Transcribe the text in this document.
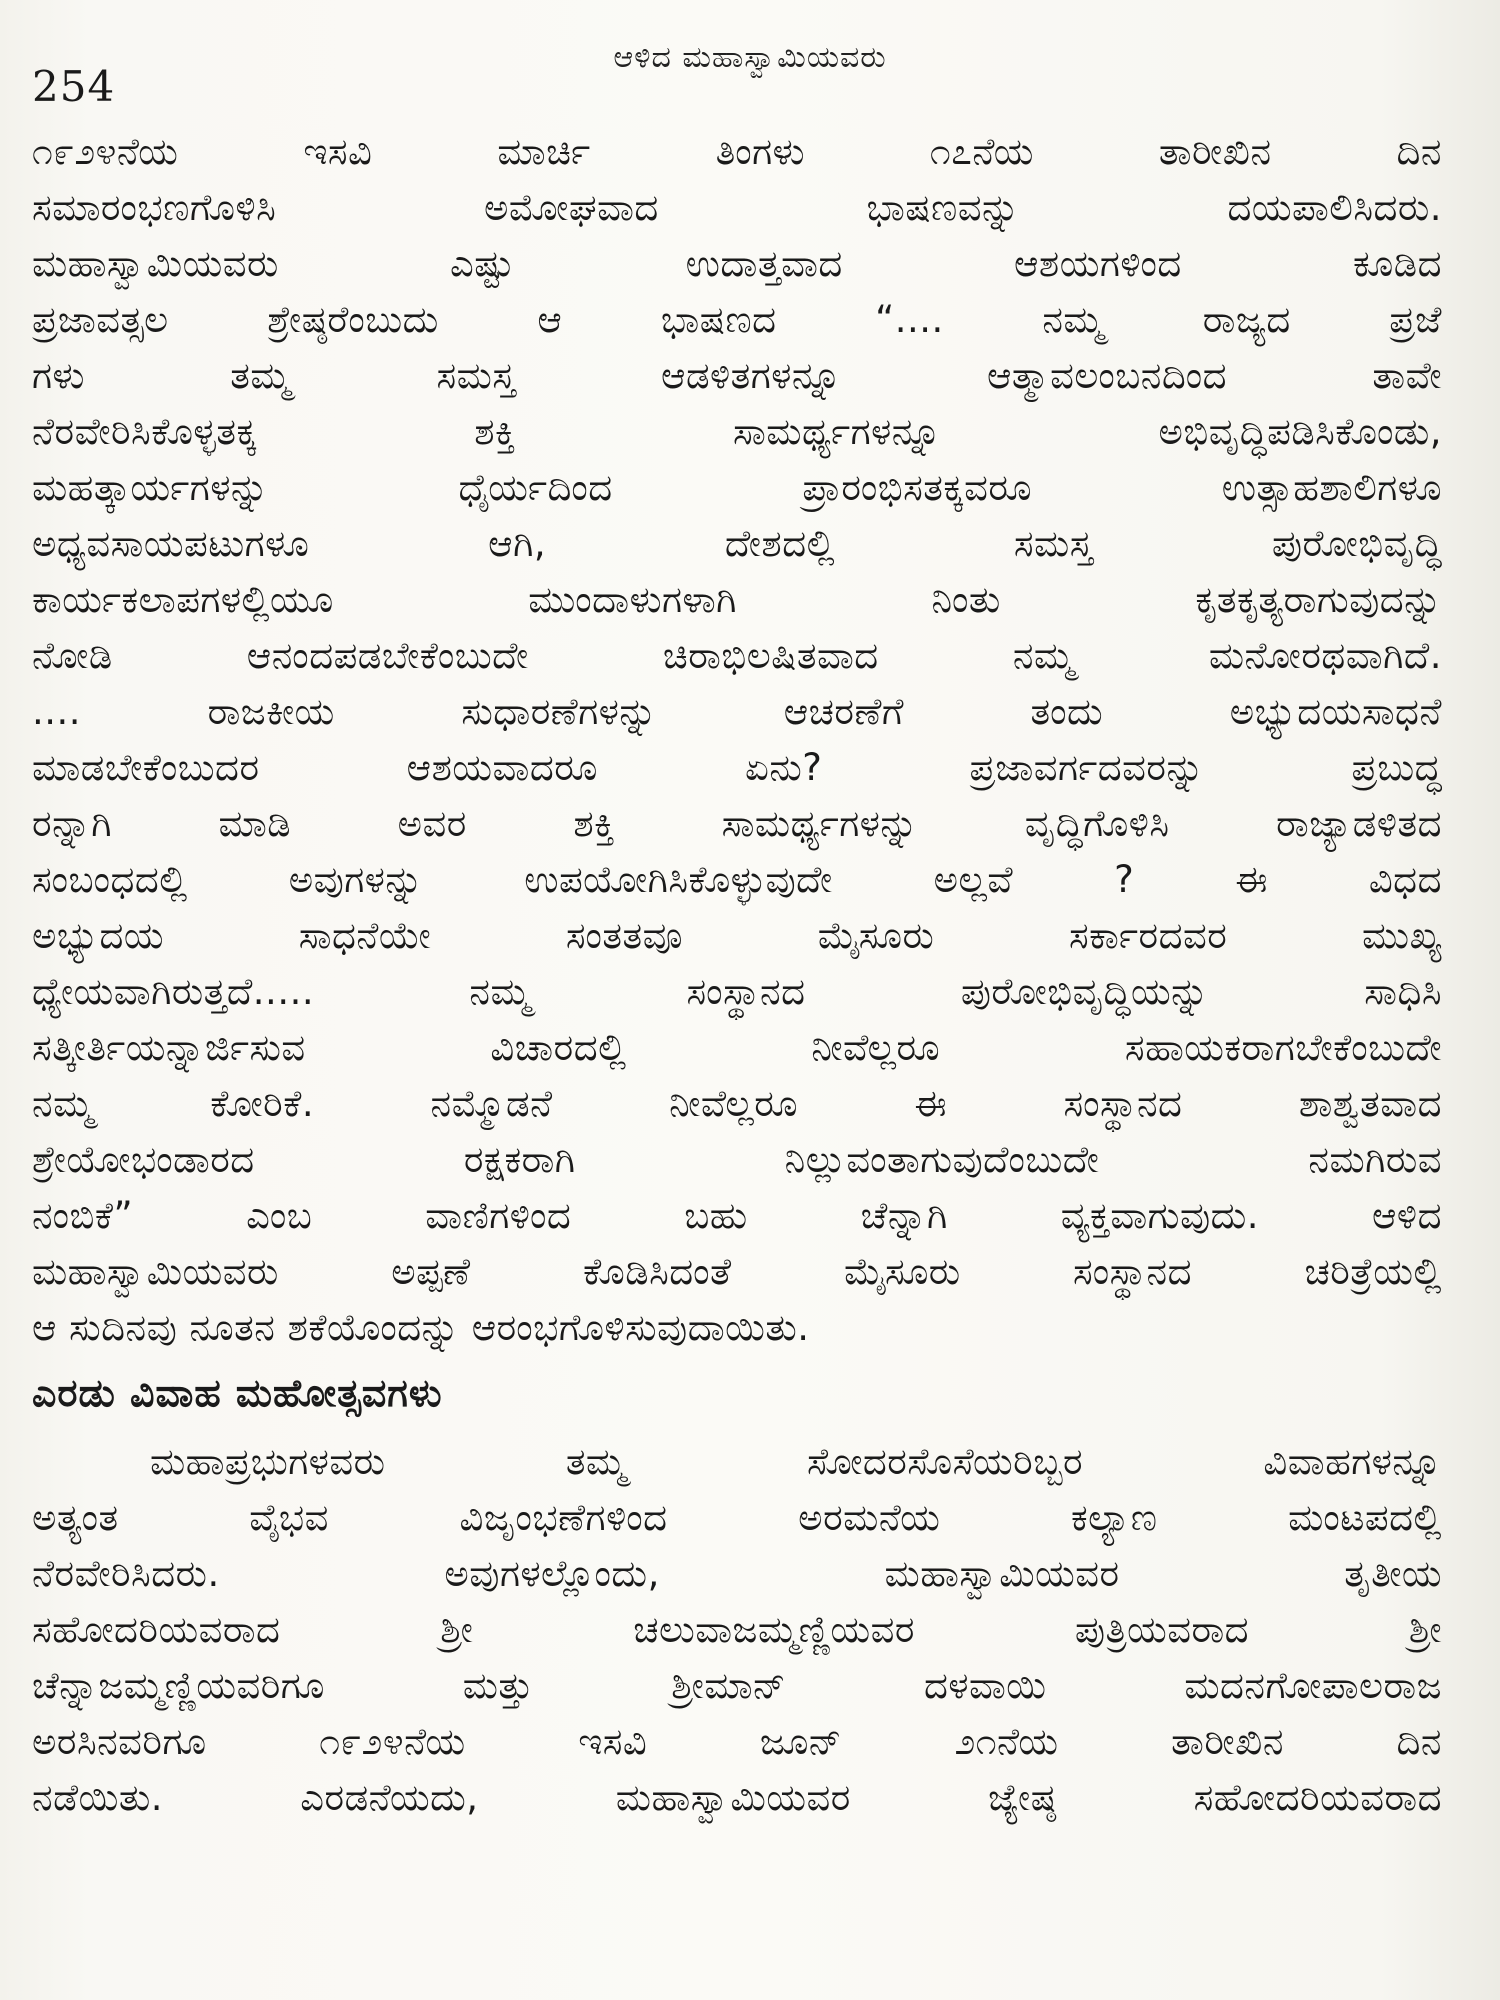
ಆಳಿದ ಮಹಾಸ್ವಾಮಿಯವರು
254
೧೯೨೪ನೆಯ ಇಸವಿ ಮಾರ್ಚಿ ತಿಂಗಳು ೧೭ನೆಯ ತಾರೀಖಿನ ದಿನ
ಸಮಾರಂಭಣಗೊಳಿಸಿ ಅಮೋಘವಾದ ಭಾಷಣವನ್ನು ದಯಪಾಲಿಸಿದರು.
ಮಹಾಸ್ವಾಮಿಯವರು ಎಷ್ಟು ಉದಾತ್ತವಾದ ಆಶಯಗಳಿಂದ ಕೂಡಿದ
ಪ್ರಜಾವತ್ಸಲ ಶ್ರೇಷ್ಠರೆಂಬುದು ಆ ಭಾಷಣದ “.... ನಮ್ಮ ರಾಜ್ಯದ ಪ್ರಜೆ
ಗಳು ತಮ್ಮ ಸಮಸ್ತ ಆಡಳಿತಗಳನ್ನೂ ಆತ್ಮಾವಲಂಬನದಿಂದ ತಾವೇ
ನೆರವೇರಿಸಿಕೊಳ್ಳತಕ್ಕ ಶಕ್ತಿ ಸಾಮರ್ಥ್ಯಗಳನ್ನೂ ಅಭಿವೃದ್ಧಿಪಡಿಸಿಕೊಂಡು,
ಮಹತ್ಕಾರ್ಯಗಳನ್ನು ಧೈರ್ಯದಿಂದ ಪ್ರಾರಂಭಿಸತಕ್ಕವರೂ ಉತ್ಸಾಹಶಾಲಿಗಳೂ
ಅಧ್ಯವಸಾಯಪಟುಗಳೂ ಆಗಿ, ದೇಶದಲ್ಲಿ ಸಮಸ್ತ ಪುರೋಭಿವೃದ್ಧಿ
ಕಾರ್ಯಕಲಾಪಗಳಲ್ಲಿಯೂ ಮುಂದಾಳುಗಳಾಗಿ ನಿಂತು ಕೃತಕೃತ್ಯರಾಗುವುದನ್ನು
ನೋಡಿ ಆನಂದಪಡಬೇಕೆಂಬುದೇ ಚಿರಾಭಿಲಷಿತವಾದ ನಮ್ಮ ಮನೋರಥವಾಗಿದೆ.
.... ರಾಜಕೀಯ ಸುಧಾರಣೆಗಳನ್ನು ಆಚರಣೆಗೆ ತಂದು ಅಭ್ಯುದಯಸಾಧನೆ
ಮಾಡಬೇಕೆಂಬುದರ ಆಶಯವಾದರೂ ಏನು? ಪ್ರಜಾವರ್ಗದವರನ್ನು ಪ್ರಬುದ್ಧ
ರನ್ನಾಗಿ ಮಾಡಿ ಅವರ ಶಕ್ತಿ ಸಾಮರ್ಥ್ಯಗಳನ್ನು ವೃದ್ಧಿಗೊಳಿಸಿ ರಾಜ್ಯಾಡಳಿತದ
ಸಂಬಂಧದಲ್ಲಿ ಅವುಗಳನ್ನು ಉಪಯೋಗಿಸಿಕೊಳ್ಳುವುದೇ ಅಲ್ಲವೆ ? ಈ ವಿಧದ
ಅಭ್ಯುದಯ ಸಾಧನೆಯೇ ಸಂತತವೂ ಮೈಸೂರು ಸರ್ಕಾರದವರ ಮುಖ್ಯ
ಧ್ಯೇಯವಾಗಿರುತ್ತದೆ..... ನಮ್ಮ ಸಂಸ್ಥಾನದ ಪುರೋಭಿವೃದ್ಧಿಯನ್ನು ಸಾಧಿಸಿ
ಸತ್ಕೀರ್ತಿಯನ್ನಾರ್ಜಿಸುವ ವಿಚಾರದಲ್ಲಿ ನೀವೆಲ್ಲರೂ ಸಹಾಯಕರಾಗಬೇಕೆಂಬುದೇ
ನಮ್ಮ ಕೋರಿಕೆ. ನಮ್ಮೊಡನೆ ನೀವೆಲ್ಲರೂ ಈ ಸಂಸ್ಥಾನದ ಶಾಶ್ವತವಾದ
ಶ್ರೇಯೋಭಂಡಾರದ ರಕ್ಷಕರಾಗಿ ನಿಲ್ಲುವಂತಾಗುವುದೆಂಬುದೇ ನಮಗಿರುವ
ನಂಬಿಕೆ” ಎಂಬ ವಾಣಿಗಳಿಂದ ಬಹು ಚೆನ್ನಾಗಿ ವ್ಯಕ್ತವಾಗುವುದು. ಆಳಿದ
ಮಹಾಸ್ವಾಮಿಯವರು ಅಪ್ಪಣೆ ಕೊಡಿಸಿದಂತೆ ಮೈಸೂರು ಸಂಸ್ಥಾನದ ಚರಿತ್ರೆಯಲ್ಲಿ
ಆ ಸುದಿನವು ನೂತನ ಶಕೆಯೊಂದನ್ನು ಆರಂಭಗೊಳಿಸುವುದಾಯಿತು.
ಎರಡು ವಿವಾಹ ಮಹೋತ್ಸವಗಳು
ಮಹಾಪ್ರಭುಗಳವರು ತಮ್ಮ ಸೋದರಸೊಸೆಯರಿಬ್ಬರ ವಿವಾಹಗಳನ್ನೂ
ಅತ್ಯಂತ ವೈಭವ ವಿಜೃಂಭಣೆಗಳಿಂದ ಅರಮನೆಯ ಕಲ್ಯಾಣ ಮಂಟಪದಲ್ಲಿ
ನೆರವೇರಿಸಿದರು. ಅವುಗಳಲ್ಲೊಂದು, ಮಹಾಸ್ವಾಮಿಯವರ ತೃತೀಯ
ಸಹೋದರಿಯವರಾದ ಶ್ರೀ ಚಲುವಾಜಮ್ಮಣ್ಣಿಯವರ ಪುತ್ರಿಯವರಾದ ಶ್ರೀ
ಚೆನ್ನಾಜಮ್ಮಣ್ಣಿಯವರಿಗೂ ಮತ್ತು ಶ್ರೀಮಾನ್ ದಳವಾಯಿ ಮದನಗೋಪಾಲರಾಜ
ಅರಸಿನವರಿಗೂ ೧೯೨೪ನೆಯ ಇಸವಿ ಜೂನ್ ೨೧ನೆಯ ತಾರೀಖಿನ ದಿನ
ನಡೆಯಿತು. ಎರಡನೆಯದು, ಮಹಾಸ್ವಾಮಿಯವರ ಜ್ಯೇಷ್ಠ ಸಹೋದರಿಯವರಾದ
